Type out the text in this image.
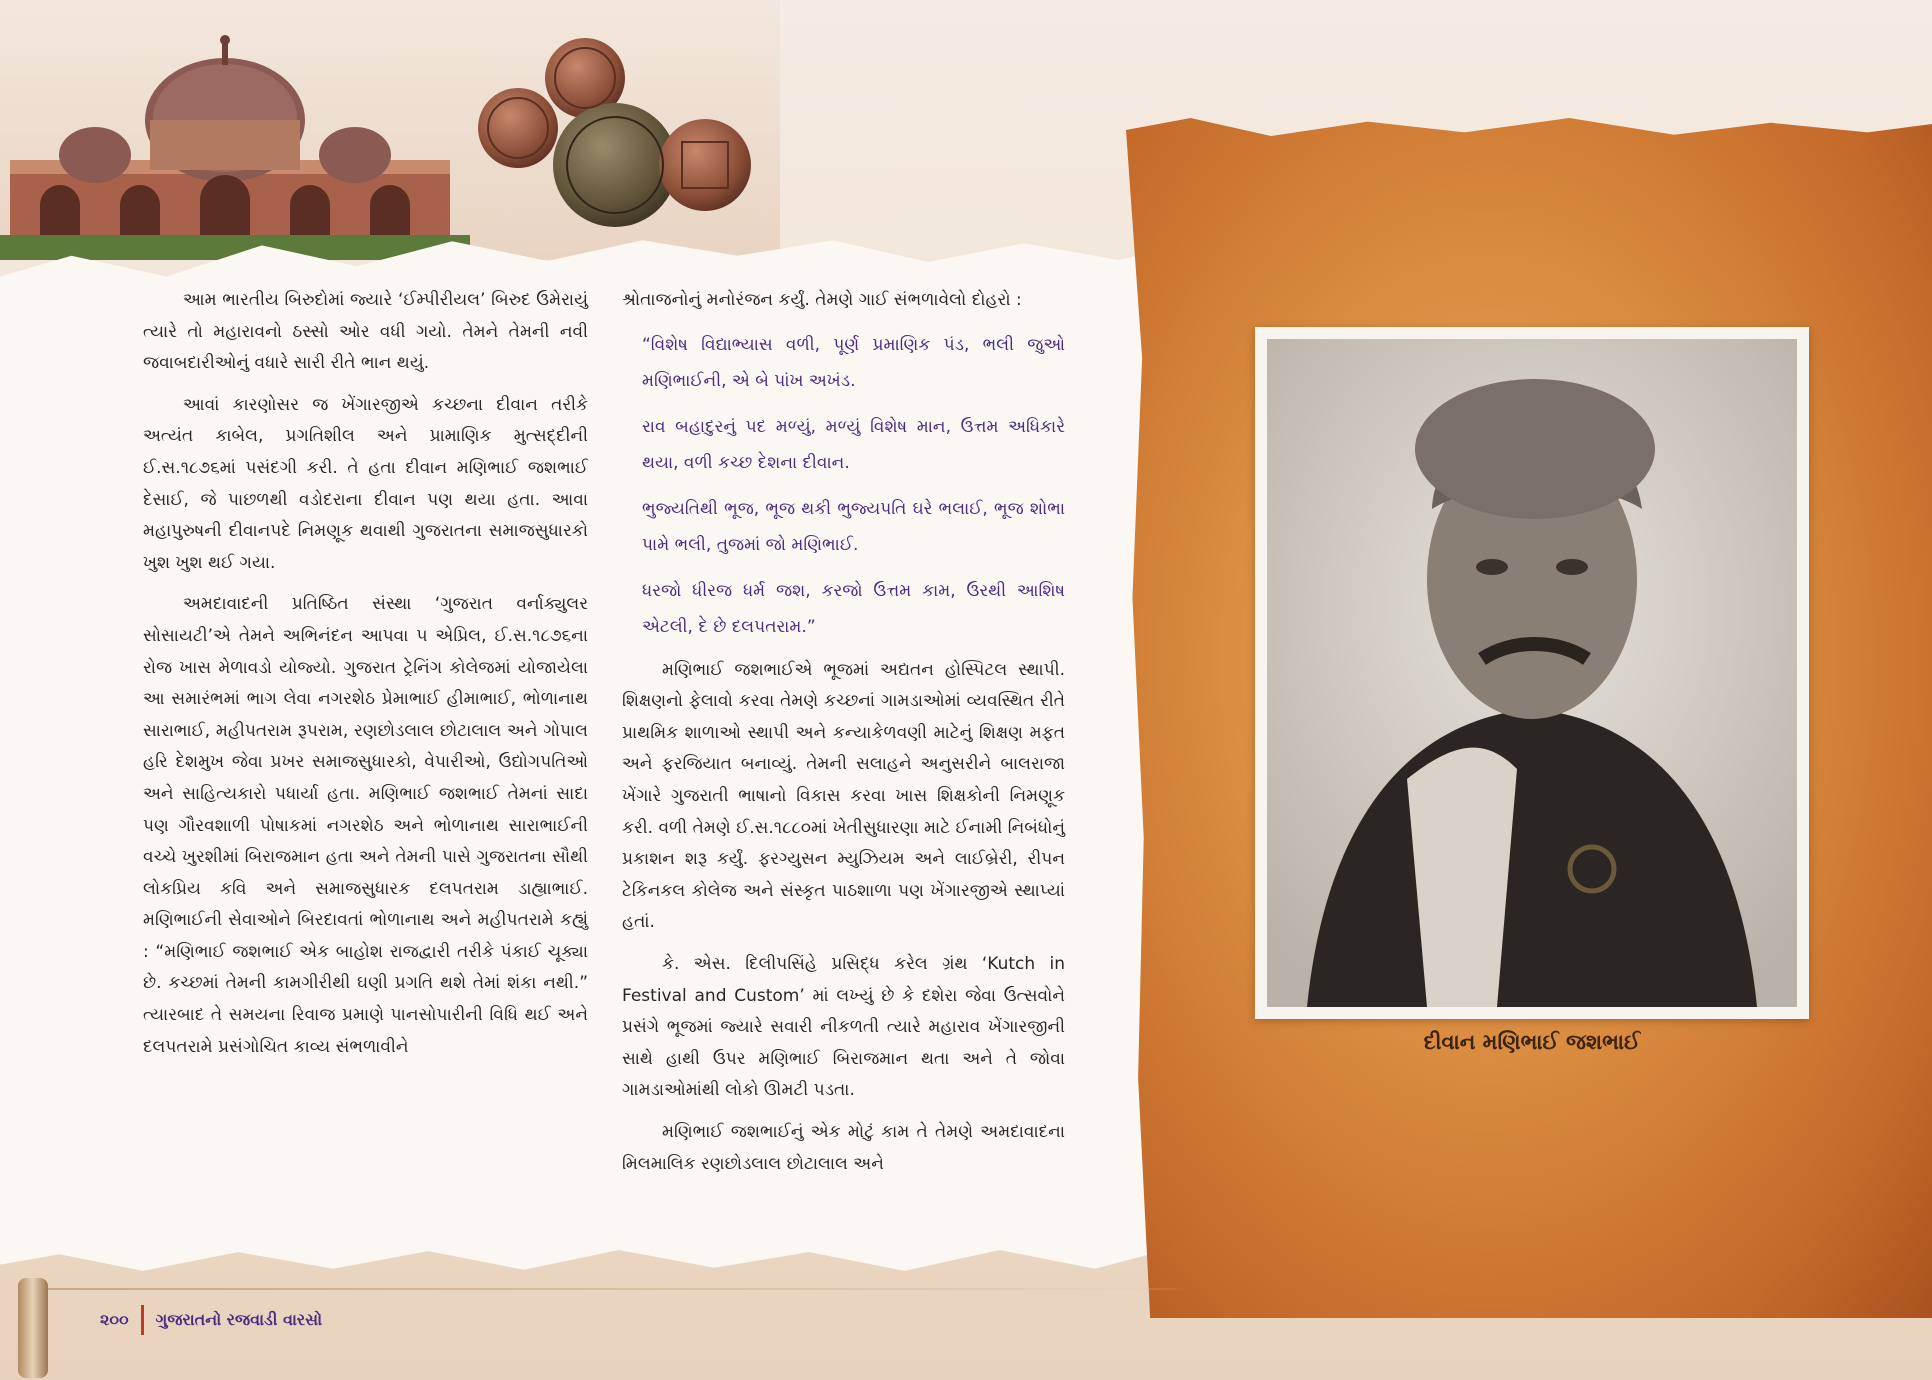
આમ ભારતીય બિરુદોમાં જ્યારે ‘ઈમ્પીરીયલ’ બિરુદ ઉમેરાયું ત્યારે તો મહારાવનો ઠસ્સો ઓર વધી ગયો. તેમને તેમની નવી જવાબદારીઓનું વધારે સારી રીતે ભાન થયું.

આવાં કારણોસર જ ખેંગારજીએ કચ્છના દીવાન તરીકે અત્યંત કાબેલ, પ્રગતિશીલ અને પ્રામાણિક મુત્સદ્દીની ઈ.સ.૧૮૭૬માં પસંદગી કરી. તે હતા દીવાન મણિભાઈ જશભાઈ દેસાઈ, જે પાછળથી વડોદરાના દીવાન પણ થયા હતા. આવા મહાપુરુષની દીવાનપદે નિમણૂક થવાથી ગુજરાતના સમાજસુધારકો ખુશ ખુશ થઈ ગયા.

અમદાવાદની પ્રતિષ્ઠિત સંસ્થા ‘ગુજરાત વર્નાક્યુલર સોસાયટી’એ તેમને અભિનંદન આપવા ૫ એપ્રિલ, ઈ.સ.૧૮૭૬ના રોજ ખાસ મેળાવડો યોજ્યો. ગુજરાત ટ્રેનિંગ કોલેજમાં યોજાયેલા આ સમારંભમાં ભાગ લેવા નગરશેઠ પ્રેમાભાઈ હીમાભાઈ, ભોળાનાથ સારાભાઈ, મહીપતરામ રૂપરામ, રણછોડલાલ છોટાલાલ અને ગોપાલ હરિ દેશમુખ જેવા પ્રખર સમાજસુધારકો, વેપારીઓ, ઉદ્યોગપતિઓ અને સાહિત્યકારો પધાર્યા હતા. મણિભાઈ જશભાઈ તેમનાં સાદા પણ ગૌરવશાળી પોષાકમાં નગરશેઠ અને ભોળાનાથ સારાભાઈની વચ્ચે ખુરશીમાં બિરાજમાન હતા અને તેમની પાસે ગુજરાતના સૌથી લોકપ્રિય કવિ અને સમાજસુધારક દલપતરામ ડાહ્યાભાઈ. મણિભાઈની સેવાઓને બિરદાવતાં ભોળાનાથ અને મહીપતરામે કહ્યું : “મણિભાઈ જશભાઈ એક બાહોશ રાજદ્વારી તરીકે પંકાઈ ચૂક્યા છે. કચ્છમાં તેમની કામગીરીથી ઘણી પ્રગતિ થશે તેમાં શંકા નથી.” ત્યારબાદ તે સમયના રિવાજ પ્રમાણે પાનસોપારીની વિધિ થઈ અને દલપતરામે પ્રસંગોચિત કાવ્ય સંભળાવીને

શ્રોતાજનોનું મનોરંજન કર્યું. તેમણે ગાઈ સંભળાવેલો દોહરો :

“વિશેષ વિદ્યાભ્યાસ વળી, પૂર્ણ પ્રમાણિક પંડ, ભલી જુઓ મણિભાઈની, એ બે પાંખ અખંડ.
રાવ બહાદુરનું પદ મળ્યું, મળ્યું વિશેષ માન, ઉત્તમ અધિકારે થયા, વળી કચ્છ દેશના દીવાન.
ભુજ્યતિથી ભૂજ, ભૂજ થકી ભુજ્યપતિ ઘરે ભલાઈ, ભૂજ શોભા પામે ભલી, તુજમાં જો મણિભાઈ.
ધરજો ધીરજ ધર્મ જશ, કરજો ઉત્તમ કામ, ઉરથી આશિષ એટલી, દે છે દલપતરામ.”

મણિભાઈ જશભાઈએ ભૂજમાં અદ્યતન હોસ્પિટલ સ્થાપી. શિક્ષણનો ફેલાવો કરવા તેમણે કચ્છનાં ગામડાઓમાં વ્યવસ્થિત રીતે પ્રાથમિક શાળાઓ સ્થાપી અને કન્યાકેળવણી માટેનું શિક્ષણ મફત અને ફરજિયાત બનાવ્યું. તેમની સલાહને અનુસરીને બાલરાજા ખેંગારે ગુજરાતી ભાષાનો વિકાસ કરવા ખાસ શિક્ષકોની નિમણૂક કરી. વળી તેમણે ઈ.સ.૧૮૮૦માં ખેતીસુધારણા માટે ઈનામી નિબંધોનું પ્રકાશન શરૂ કર્યું. ફરગ્યુસન મ્યુઝિયમ અને લાઈબ્રેરી, રીપન ટેકિનકલ કોલેજ અને સંસ્કૃત પાઠશાળા પણ ખેંગારજીએ સ્થાપ્યાં હતાં.

કે. એસ. દિલીપસિંહે પ્રસિદ્ધ કરેલ ગ્રંથ ‘Kutch in Festival and Custom’ માં લખ્યું છે કે દશેરા જેવા ઉત્સવોને પ્રસંગે ભૂજમાં જ્યારે સવારી નીકળતી ત્યારે મહારાવ ખેંગારજીની સાથે હાથી ઉપર મણિભાઈ બિરાજમાન થતા અને તે જોવા ગામડાઓમાંથી લોકો ઊમટી પડતા.

મણિભાઈ જશભાઈનું એક મોટું કામ તે તેમણે અમદાવાદના મિલમાલિક રણછોડલાલ છોટાલાલ અને

દીવાન મણિભાઈ જશભાઈ
૨૦૦ ગુજરાતનો રજવાડી વારસો
